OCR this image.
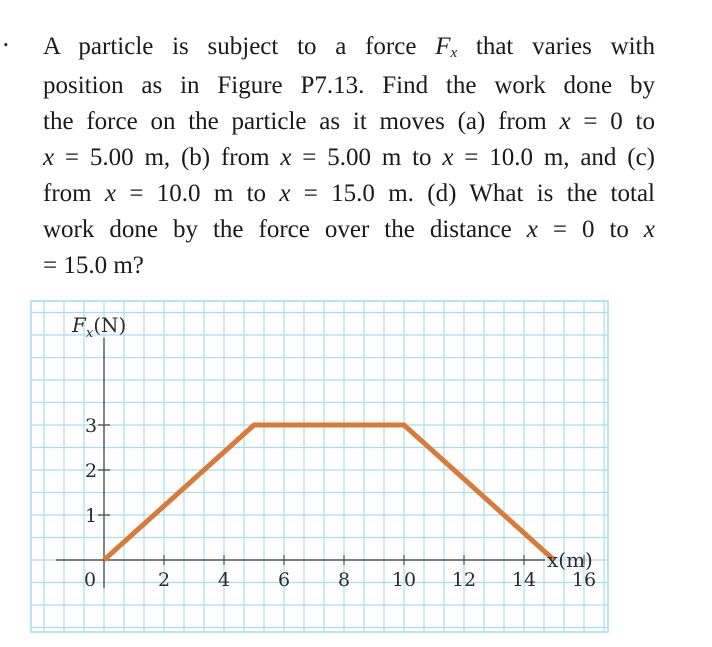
. A particle is subject to a force Fx that varies with
position as in Figure P7.13. Find the work done by
the force on the particle as it moves (a) from x = 0 to
x = 5.00 m, (b) from x = 5.00 m to x = 10.0 m, and (c)
from x = 10.0 m to x = 15.0 m. (d) What is the total
work done by the force over the distance x = 0 to x
= 15.0 m?
1
2
3
0	2	4	6	8 10 12 14 16
$F_x(N)$
x(m)
